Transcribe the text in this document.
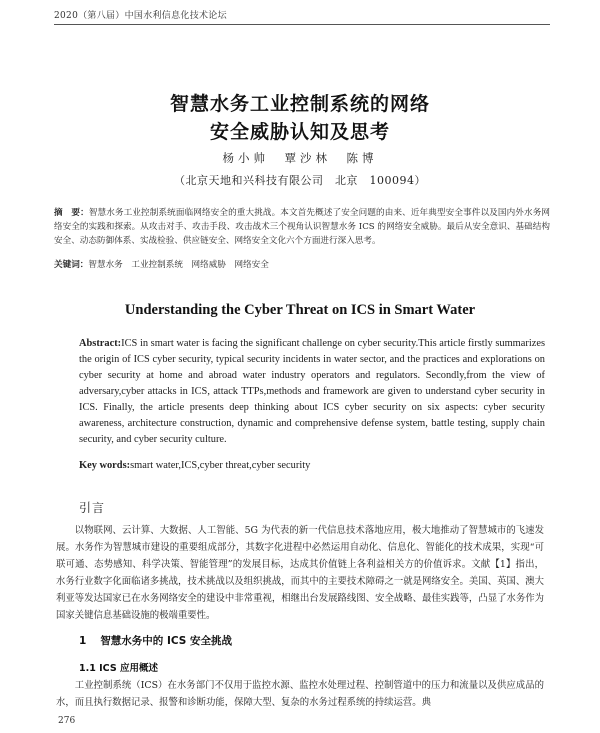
2020（第八届）中国水利信息化技术论坛
智慧水务工业控制系统的网络
安全威胁认知及思考
杨小帅　覃沙林　陈博
（北京天地和兴科技有限公司　北京　100094）
摘　要：智慧水务工业控制系统面临网络安全的重大挑战。本文首先概述了安全问题的由来、近年典型安全事件以及国内外水务网络安全的实践和探索。从攻击对手、攻击手段、攻击战术三个视角认识智慧水务 ICS 的网络安全威胁。最后从安全意识、基础结构安全、动态防御体系、实战检验、供应链安全、网络安全文化六个方面进行深入思考。
关键词：智慧水务　工业控制系统　网络威胁　网络安全
Understanding the Cyber Threat on ICS in Smart Water
Abstract:ICS in smart water is facing the significant challenge on cyber security.This article firstly summarizes the origin of ICS cyber security, typical security incidents in water sector, and the practices and explorations on cyber security at home and abroad water industry operators and regulators. Secondly,from the view of adversary,cyber attacks in ICS, attack TTPs,methods and framework are given to understand cyber security in ICS. Finally, the article presents deep thinking about ICS cyber security on six aspects: cyber security awareness, architecture construction, dynamic and comprehensive defense system, battle testing, supply chain security, and cyber security culture.
Key words:smart water,ICS,cyber threat,cyber security
引言
以物联网、云计算、大数据、人工智能、5G 为代表的新一代信息技术落地应用，极大地推动了智慧城市的飞速发展。水务作为智慧城市建设的重要组成部分，其数字化进程中必然运用自动化、信息化、智能化的技术成果，实现“可联可通、态势感知、科学决策、智能管理”的发展目标，达成其价值链上各利益相关方的价值诉求。文献【1】指出，水务行业数字化面临诸多挑战，技术挑战以及组织挑战，而其中的主要技术障碍之一就是网络安全。美国、英国、澳大利亚等发达国家已在水务网络安全的建设中非常重视，相继出台发展路线图、安全战略、最佳实践等，凸显了水务作为国家关键信息基础设施的极端重要性。
1 智慧水务中的 ICS 安全挑战
1.1 ICS 应用概述
工业控制系统（ICS）在水务部门不仅用于监控水源、监控水处理过程、控制管道中的压力和流量以及供应成品的水，而且执行数据记录、报警和诊断功能，保障大型、复杂的水务过程系统的持续运营。典
276
